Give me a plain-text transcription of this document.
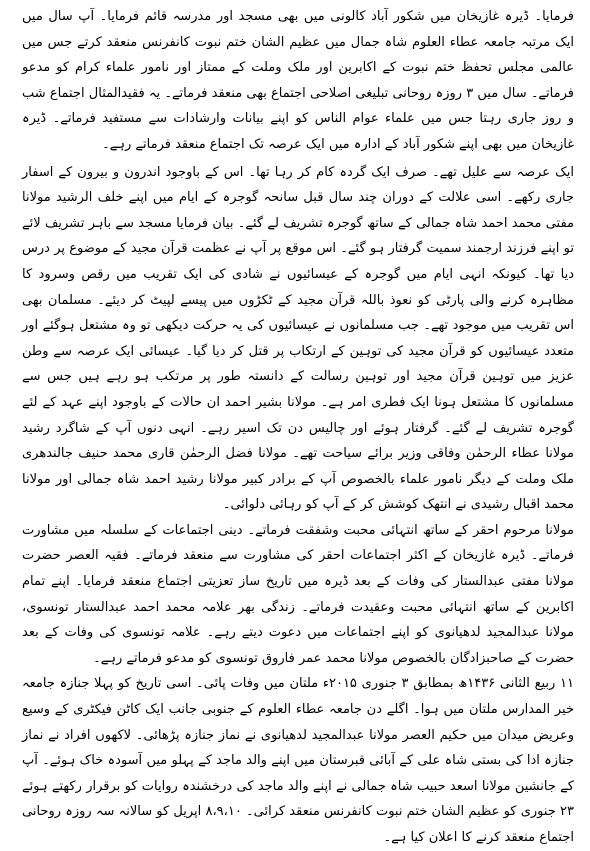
فرمایا۔ ڈیرہ غازیخان میں شکور آباد کالونی میں بھی مسجد اور مدرسہ قائم فرمایا۔ آپ سال میں ایک مرتبہ جامعہ عطاء العلوم شاہ جمال میں عظیم الشان ختم نبوت کانفرنس منعقد کرتے جس میں عالمی مجلس تحفظ ختم نبوت کے اکابرین اور ملک وملت کے ممتاز اور نامور علماء کرام کو مدعو فرماتے۔ سال میں ۳ روزہ روحانی تبلیغی اصلاحی اجتماع بھی منعقد فرماتے۔ یہ فقیدالمثال اجتماع شب و روز جاری رہتا جس میں علماء عوام الناس کو اپنے بیانات وارشادات سے مستفید فرماتے۔ ڈیرہ غازیخان میں بھی اپنے شکور آباد کے ادارہ میں ایک عرصہ تک اجتماع منعقد فرماتے رہے۔

ایک عرصہ سے علیل تھے۔ صرف ایک گردہ کام کر رہا تھا۔ اس کے باوجود اندرون و بیرون کے اسفار جاری رکھے۔ اسی علالت کے دوران چند سال قبل سانحہ گوجرہ کے ایام میں اپنے خلف الرشید مولانا مفتی محمد احمد شاہ جمالی کے ساتھ گوجرہ تشریف لے گئے۔ بیان فرمایا مسجد سے باہر تشریف لائے تو اپنے فرزند ارجمند سمیت گرفتار ہو گئے۔ اس موقع پر آپ نے عظمت قرآن مجید کے موضوع پر درس دیا تھا۔ کیونکہ انہی ایام میں گوجرہ کے عیسائیوں نے شادی کی ایک تقریب میں رقص وسرود کا مظاہرہ کرنے والی پارٹی کو نعوذ باللہ قرآن مجید کے ٹکڑوں میں پیسے لپیٹ کر دیئے۔ مسلمان بھی اس تقریب میں موجود تھے۔ جب مسلمانوں نے عیسائیوں کی یہ حرکت دیکھی تو وہ مشتعل ہوگئے اور متعدد عیسائیوں کو قرآن مجید کی توہین کے ارتکاب پر قتل کر دیا گیا۔ عیسائی ایک عرصہ سے وطن عزیز میں توہین قرآن مجید اور توہین رسالت کے دانستہ طور پر مرتکب ہو رہے ہیں جس سے مسلمانوں کا مشتعل ہونا ایک فطری امر ہے۔ مولانا بشیر احمد ان حالات کے باوجود اپنے عہد کے لئے گوجرہ تشریف لے گئے۔ گرفتار ہوئے اور چالیس دن تک اسیر رہے۔ انہی دنوں آپ کے شاگرد رشید مولانا عطاء الرحمٰن وفاقی وزیر برائے سیاحت تھے۔ مولانا فضل الرحمٰن قاری محمد حنیف جالندھری ملک وملت کے دیگر نامور علماء بالخصوص آپ کے برادر کبیر مولانا رشید احمد شاہ جمالی اور مولانا محمد اقبال رشیدی نے انتھک کوشش کر کے آپ کو رہائی دلوائی۔

مولانا مرحوم احقر کے ساتھ انتہائی محبت وشفقت فرماتے۔ دینی اجتماعات کے سلسلہ میں مشاورت فرماتے۔ ڈیرہ غازیخان کے اکثر اجتماعات احقر کی مشاورت سے منعقد فرماتے۔ فقیہ العصر حضرت مولانا مفتی عبدالستار کی وفات کے بعد ڈیرہ میں تاریخ ساز تعزیتی اجتماع منعقد فرمایا۔ اپنے تمام اکابرین کے ساتھ انتہائی محبت وعقیدت فرماتے۔ زندگی بھر علامہ محمد احمد عبدالستار تونسوی، مولانا عبدالمجید لدھیانوی کو اپنے اجتماعات میں دعوت دیتے رہے۔ علامہ تونسوی کی وفات کے بعد حضرت کے صاحبزادگان بالخصوص مولانا محمد عمر فاروق تونسوی کو مدعو فرماتے رہے۔

۱۱ ربیع الثانی ۱۴۳۶ھ بمطابق ۳ جنوری ۲۰۱۵ء ملتان میں وفات پائی۔ اسی تاریخ کو پہلا جنازہ جامعہ خیر المدارس ملتان میں ہوا۔ اگلے دن جامعہ عطاء العلوم کے جنوبی جانب ایک کاٹن فیکٹری کے وسیع وعریض میدان میں حکیم العصر مولانا عبدالمجید لدھیانوی نے نماز جنازہ پڑھائی۔ لاکھوں افراد نے نماز جنازہ ادا کی بستی شاہ علی کے آبائی قبرستان میں اپنے والد ماجد کے پہلو میں آسودہ خاک ہوئے۔ آپ کے جانشین مولانا اسعد حبیب شاہ جمالی نے اپنے والد ماجد کی درخشندہ روایات کو برقرار رکھتے ہوئے ۲۳ جنوری کو عظیم الشان ختم نبوت کانفرنس منعقد کرائی۔ ۸،۹،۱۰ اپریل کو سالانہ سہ روزہ روحانی اجتماع منعقد کرنے کا اعلان کیا ہے۔
